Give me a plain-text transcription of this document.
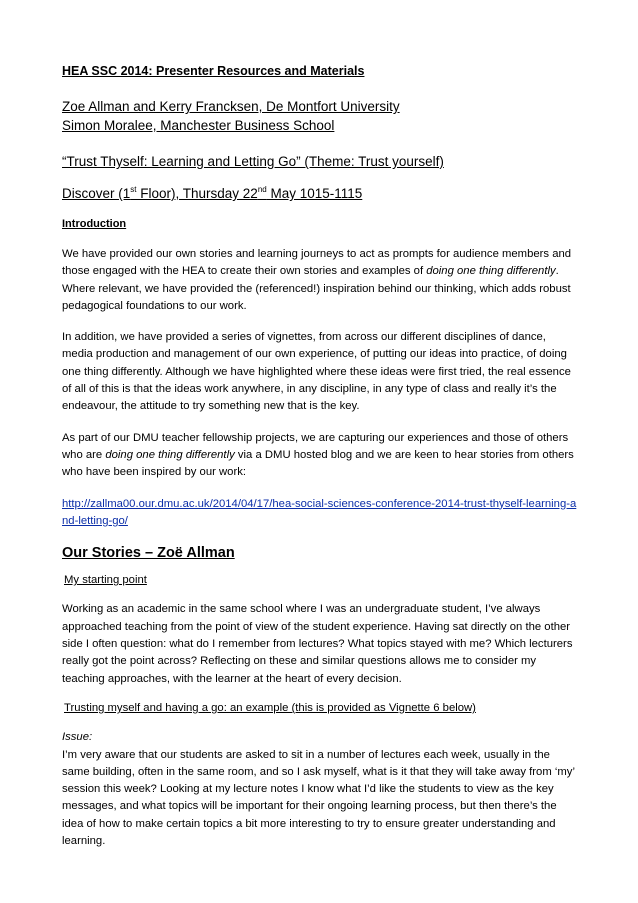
HEA SSC 2014: Presenter Resources and Materials

Zoe Allman and Kerry Francksen, De Montfort University

Simon Moralee, Manchester Business School

“Trust Thyself: Learning and Letting Go” (Theme: Trust yourself)

Discover (1st Floor), Thursday 22nd May 1015-1115

Introduction

We have provided our own stories and learning journeys to act as prompts for audience members and those engaged with the HEA to create their own stories and examples of doing one thing differently. Where relevant, we have provided the (referenced!) inspiration behind our thinking, which adds robust pedagogical foundations to our work.

In addition, we have provided a series of vignettes, from across our different disciplines of dance, media production and management of our own experience, of putting our ideas into practice, of doing one thing differently. Although we have highlighted where these ideas were first tried, the real essence of all of this is that the ideas work anywhere, in any discipline, in any type of class and really it’s the endeavour, the attitude to try something new that is the key.

As part of our DMU teacher fellowship projects, we are capturing our experiences and those of others who are doing one thing differently via a DMU hosted blog and we are keen to hear stories from others who have been inspired by our work:

http://zallma00.our.dmu.ac.uk/2014/04/17/hea-social-sciences-conference-2014-trust-thyself-learning-and-letting-go/

Our Stories – Zoë Allman

My starting point

Working as an academic in the same school where I was an undergraduate student, I’ve always approached teaching from the point of view of the student experience. Having sat directly on the other side I often question: what do I remember from lectures? What topics stayed with me? Which lecturers really got the point across? Reflecting on these and similar questions allows me to consider my teaching approaches, with the learner at the heart of every decision.

Trusting myself and having a go: an example (this is provided as Vignette 6 below)

Issue:

I’m very aware that our students are asked to sit in a number of lectures each week, usually in the same building, often in the same room, and so I ask myself, what is it that they will take away from ‘my’ session this week? Looking at my lecture notes I know what I’d like the students to view as the key messages, and what topics will be important for their ongoing learning process, but then there’s the idea of how to make certain topics a bit more interesting to try to ensure greater understanding and learning.
